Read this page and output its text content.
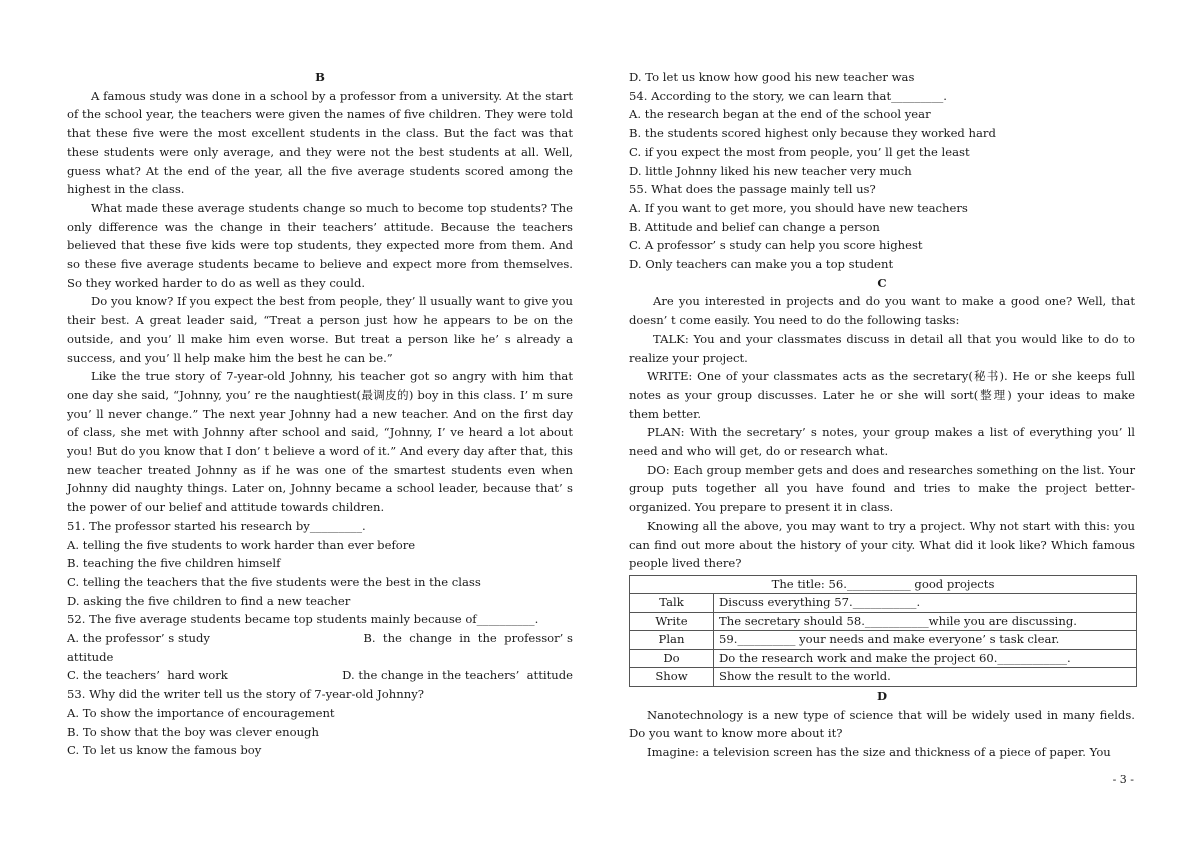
B
A famous study was done in a school by a professor from a university. At the start of the school year, the teachers were given the names of five children. They were told that these five were the most excellent students in the class. But the fact was that these students were only average, and they were not the best students at all. Well, guess what? At the end of the year, all the five average students scored among the highest in the class.
What made these average students change so much to become top students? The only difference was the change in their teachers’ attitude. Because the teachers believed that these five kids were top students, they expected more from them. And so these five average students became to believe and expect more from themselves. So they worked harder to do as well as they could.
Do you know? If you expect the best from people, they’ ll usually want to give you their best. A great leader said, “Treat a person just how he appears to be on the outside, and you’ ll make him even worse. But treat a person like he’ s already a success, and you’ ll help make him the best he can be.”
Like the true story of 7-year-old Johnny, his teacher got so angry with him that one day she said, “Johnny, you’ re the naughtiest(最调皮的) boy in this class. I’ m sure you’ ll never change.” The next year Johnny had a new teacher. And on the first day of class, she met with Johnny after school and said, “Johnny, I’ ve heard a lot about you! But do you know that I don’ t believe a word of it.” And every day after that, this new teacher treated Johnny as if he was one of the smartest students even when Johnny did naughty things. Later on, Johnny became a school leader, because that’ s the power of our belief and attitude towards children.
51. The professor started his research by_________.
A. telling the five students to work harder than ever before
B. teaching the five children himself
C. telling the teachers that the five students were the best in the class
D. asking the five children to find a new teacher
52. The five average students became top students mainly because of__________.
A. the professor’ s study	B.  the  change  in  the  professor’ s
attitude
C. the teachers’  hard work	D. the change in the teachers’  attitude
53. Why did the writer tell us the story of 7-year-old Johnny?
A. To show the importance of encouragement
B. To show that the boy was clever enough
C. To let us know the famous boy
D. To let us know how good his new teacher was
54. According to the story, we can learn that_________.
A. the research began at the end of the school year
B. the students scored highest only because they worked hard
C. if you expect the most from people, you’ ll get the least
D. little Johnny liked his new teacher very much
55. What does the passage mainly tell us?
A. If you want to get more, you should have new teachers
B. Attitude and belief can change a person
C. A professor’ s study can help you score highest
D. Only teachers can make you a top student
C
Are you interested in projects and do you want to make a good one? Well, that doesn’ t come easily. You need to do the following tasks:
TALK: You and your classmates discuss in detail all that you would like to do to realize your project.
WRITE: One of your classmates acts as the secretary(秘书). He or she keeps full notes as your group discusses. Later he or she will sort(整理) your ideas to make them better.
PLAN: With the secretary’ s notes, your group makes a list of everything you’ ll need and who will get, do or research what.
DO: Each group member gets and does and researches something on the list. Your group puts together all you have found and tries to make the project better-organized. You prepare to present it in class.
Knowing all the above, you may want to try a project. Why not start with this: you can find out more about the history of your city. What did it look like? Which famous people lived there?
The title: 56.___________ good projects	
Talk	Discuss everything 57.___________.
Write	The secretary should 58.___________while you are discussing.
Plan	59.__________ your needs and make everyone’ s task clear.
Do	Do the research work and make the project 60.____________.
Show	Show the result to the world.
D
Nanotechnology is a new type of science that will be widely used in many fields. Do you want to know more about it?
Imagine: a television screen has the size and thickness of a piece of paper. You
- 3 -
